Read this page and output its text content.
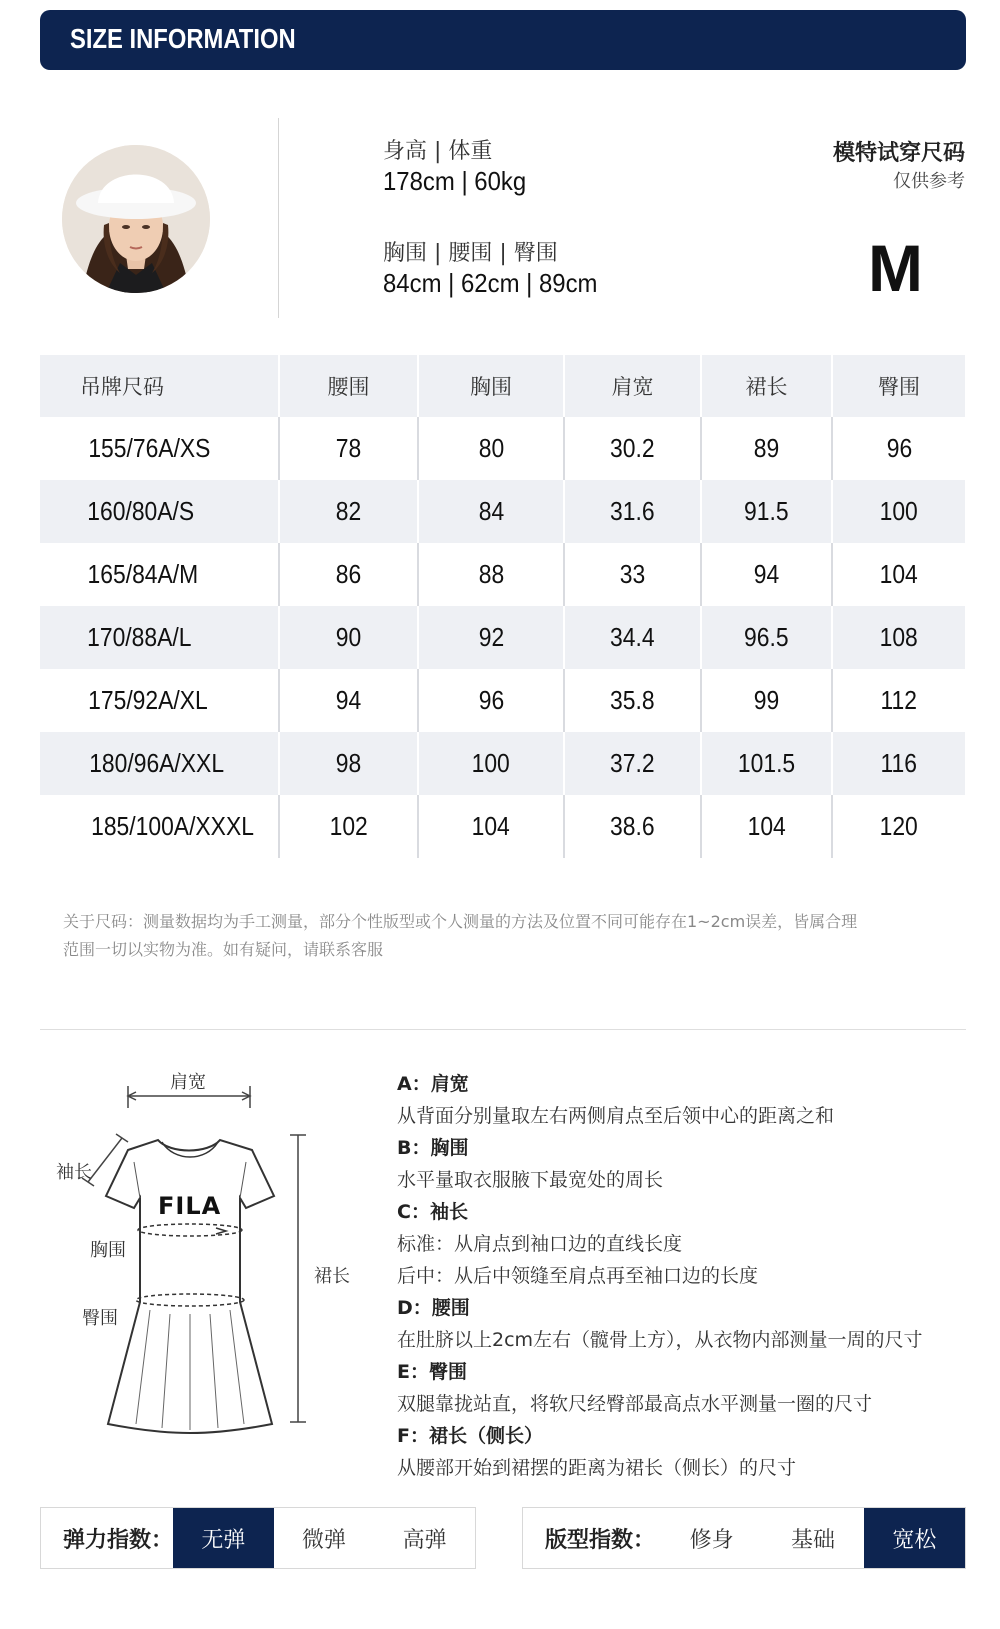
SIZE INFORMATION
身高 | 体重
178cm | 60kg
胸围 | 腰围 | 臀围
84cm | 62cm | 89cm
模特试穿尺码
仅供参考
M
吊牌尺码	腰围	胸围	肩宽	裙长	臀围
155/76A/XS	78	80	30.2	89	96
160/80A/S	82	84	31.6	91.5	100
165/84A/M	86	88	33	94	104
170/88A/L	90	92	34.4	96.5	108
175/92A/XL	94	96	35.8	99	112
180/96A/XXL	98	100	37.2	101.5	116
185/100A/XXXL	102	104	38.6	104	120
关于尺码：测量数据均为手工测量，部分个性版型或个人测量的方法及位置不同可能存在1~2cm误差，皆属合理
范围一切以实物为准。如有疑问，请联系客服
肩宽
袖长
胸围
臀围
裙长
FILA
A：肩宽
从背面分别量取左右两侧肩点至后领中心的距离之和
B：胸围
水平量取衣服腋下最宽处的周长
C：袖长
标准：从肩点到袖口边的直线长度
后中：从后中领缝至肩点再至袖口边的长度
D：腰围
在肚脐以上2cm左右（髋骨上方），从衣物内部测量一周的尺寸
E：臀围
双腿靠拢站直，将软尺经臀部最高点水平测量一圈的尺寸
F：裙长（侧长）
从腰部开始到裙摆的距离为裙长（侧长）的尺寸
弹力指数：	无弹	微弹	高弹	版型指数：	修身	基础	宽松
